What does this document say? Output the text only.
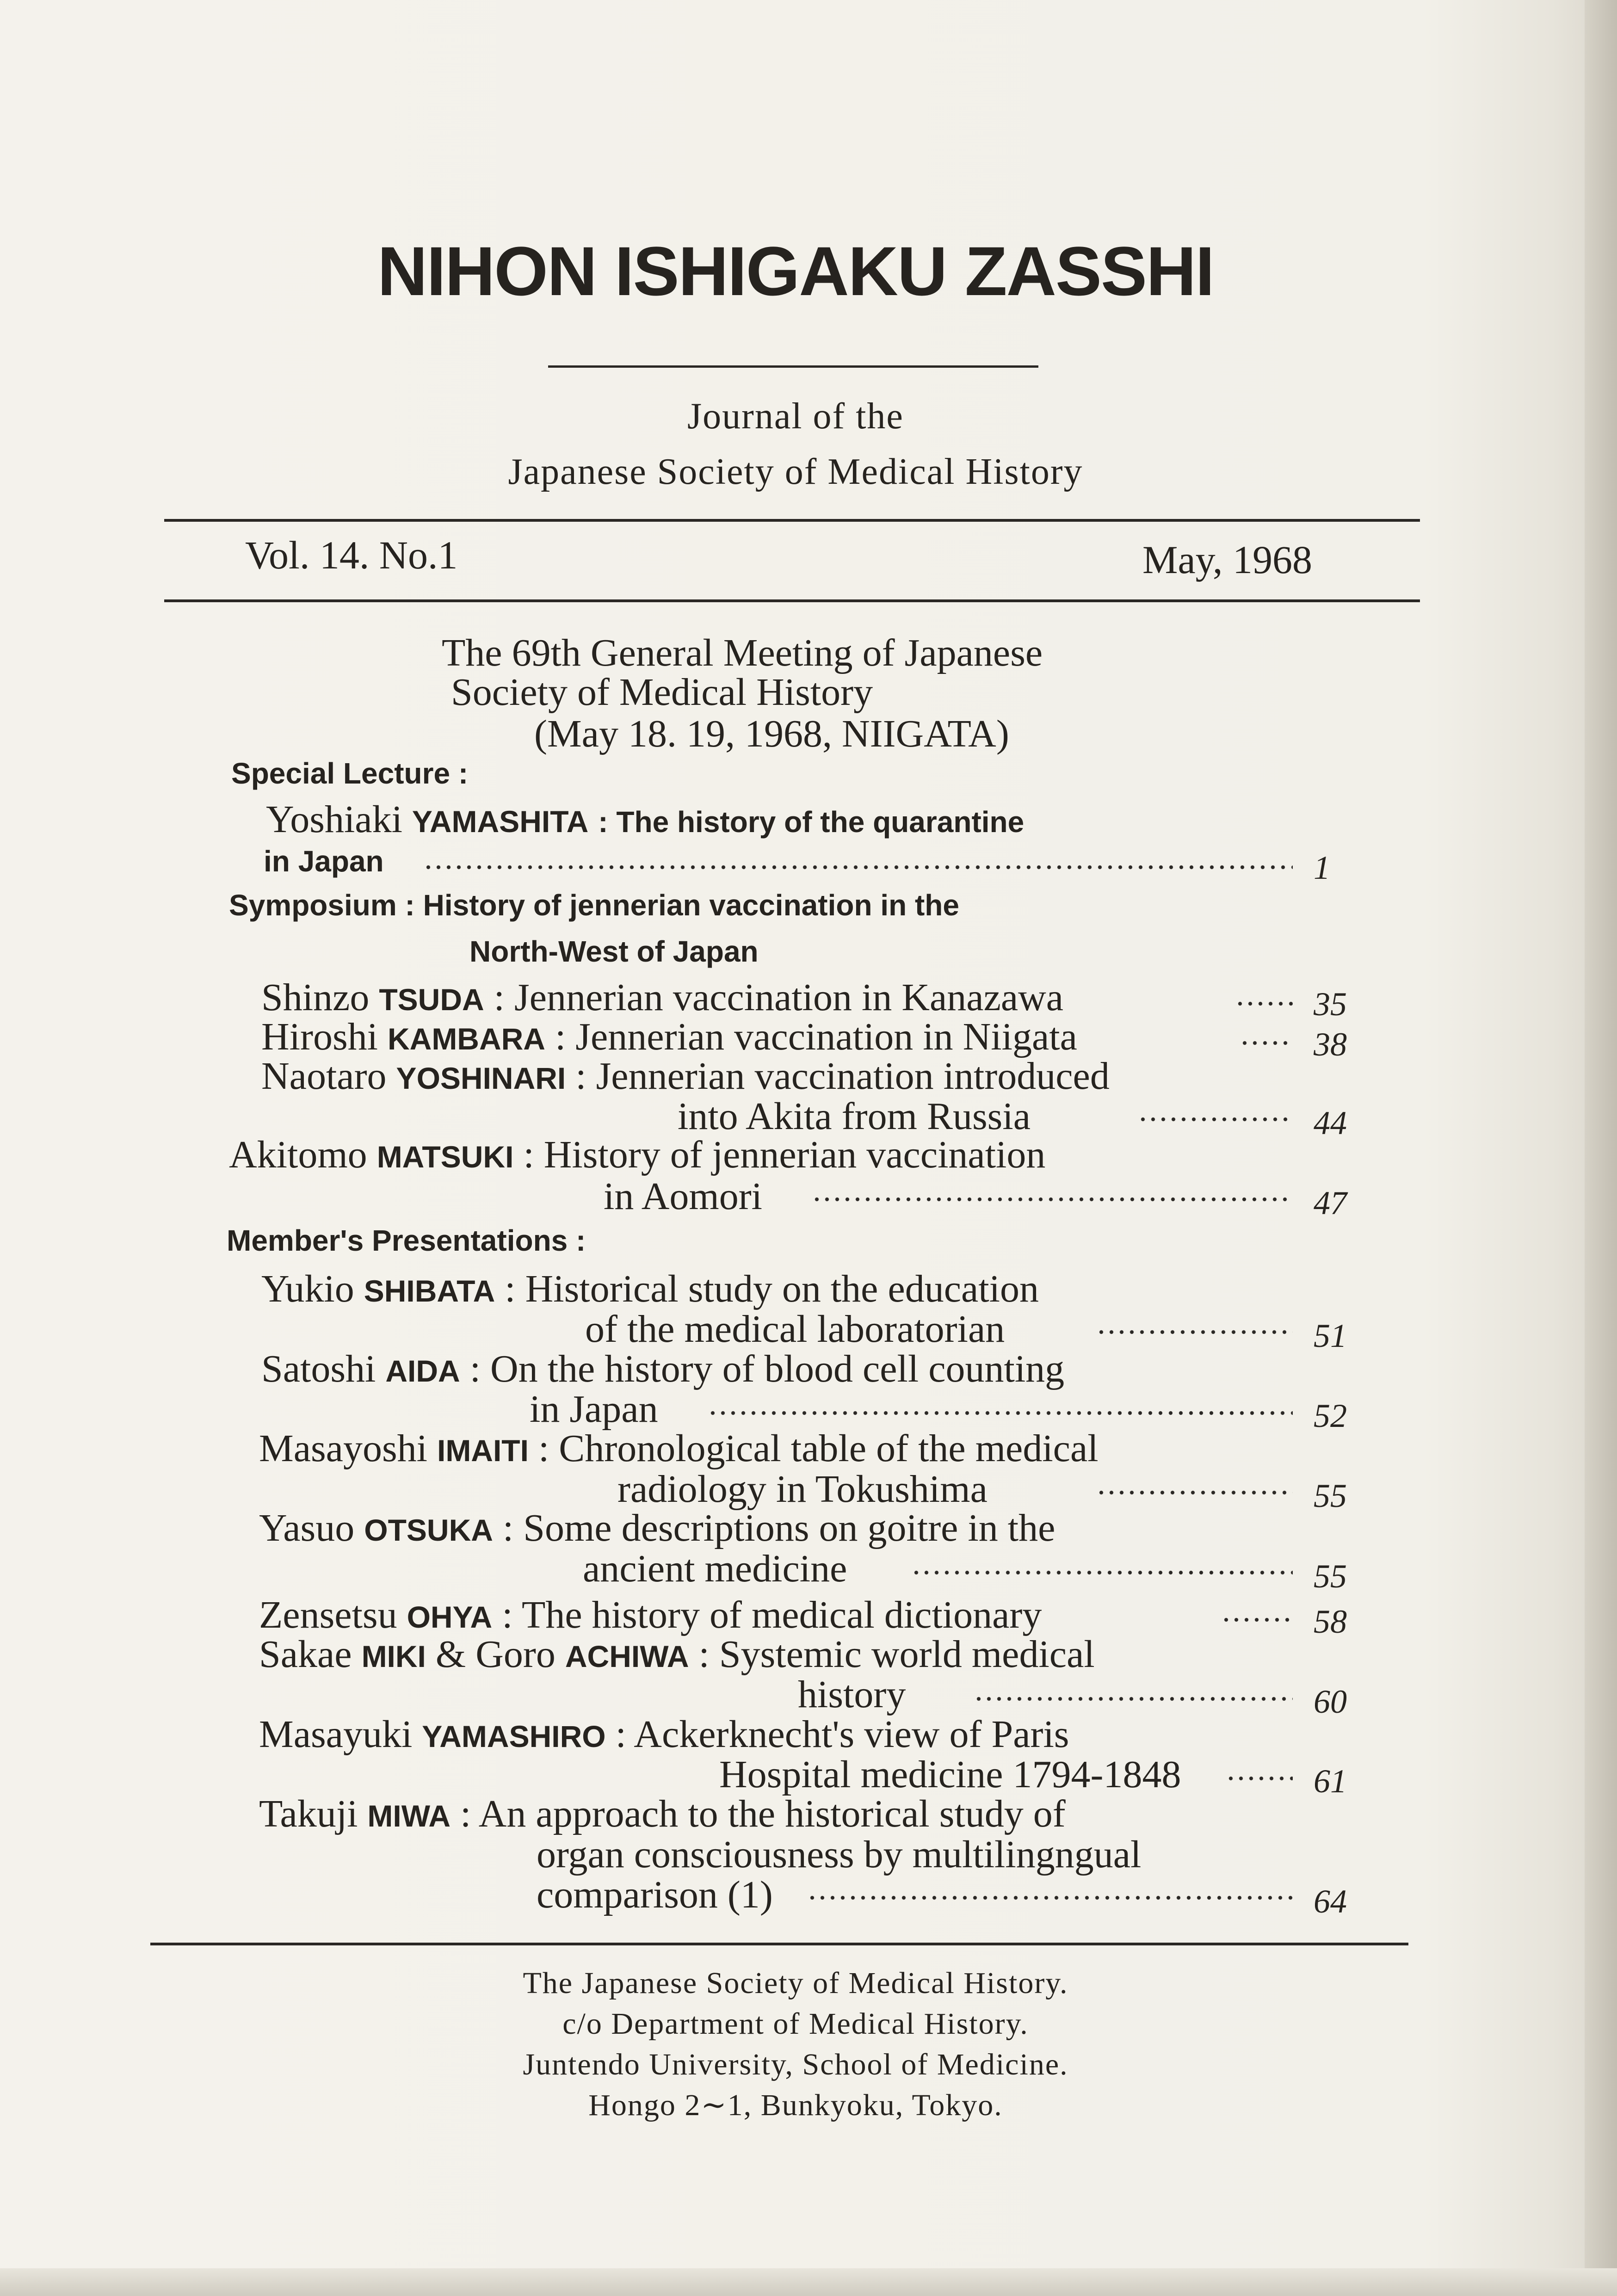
NIHON ISHIGAKU ZASSHI
Journal of the
Japanese Society of Medical History
Vol. 14. No.1	May, 1968
The 69th General Meeting of Japanese
Society of Medical History
(May 18. 19, 1968, NIIGATA)
Special Lecture :
Yoshiaki YAMASHITA : The history of the quarantine
in Japan	1
Symposium : History of jennerian vaccination in the
North-West of Japan
Shinzo TSUDA : Jennerian vaccination in Kanazawa	35
Hiroshi KAMBARA : Jennerian vaccination in Niigata	38
Naotaro YOSHINARI : Jennerian vaccination introduced
into Akita from Russia	44
Akitomo MATSUKI : History of jennerian vaccination
in Aomori	47
Member's Presentations :
Yukio SHIBATA : Historical study on the education
of the medical laboratorian	51
Satoshi AIDA : On the history of blood cell counting
in Japan	52
Masayoshi IMAITI : Chronological table of the medical
radiology in Tokushima	55
Yasuo OTSUKA : Some descriptions on goitre in the
ancient medicine	55
Zensetsu OHYA : The history of medical dictionary	58
Sakae MIKI & Goro ACHIWA : Systemic world medical
history	60
Masayuki YAMASHIRO : Ackerknecht's view of Paris
Hospital medicine 1794-1848	61
Takuji MIWA : An approach to the historical study of
organ consciousness by multilingngual
comparison (1)	64
The Japanese Society of Medical History.
c/o Department of Medical History.
Juntendo University, School of Medicine.
Hongo 2∼1, Bunkyoku, Tokyo.
